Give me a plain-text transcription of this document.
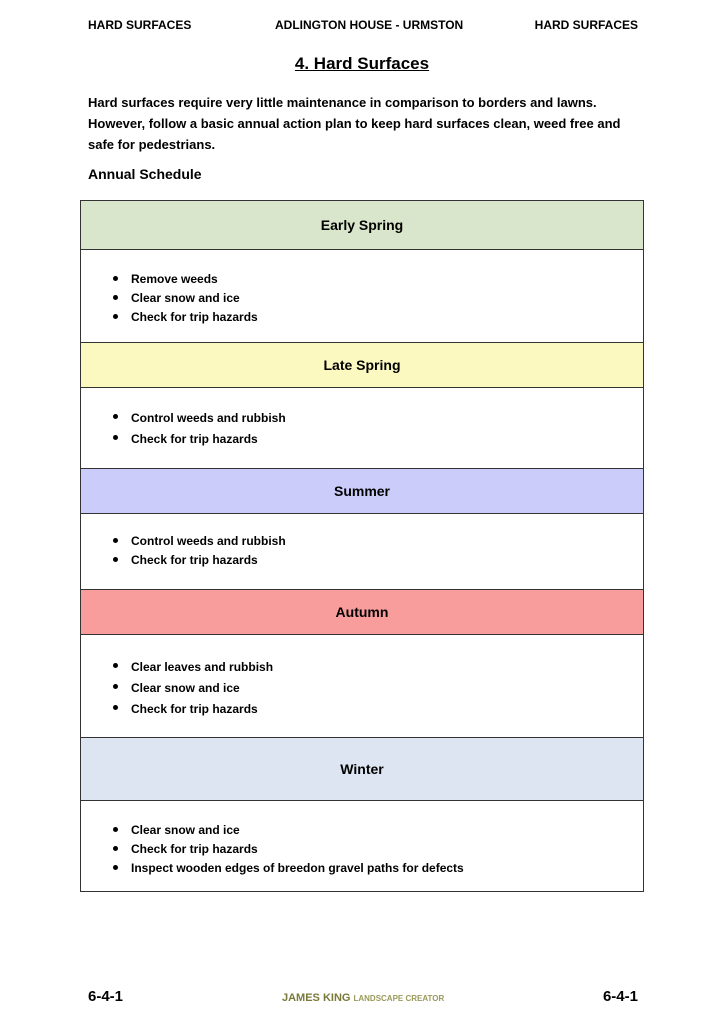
HARD SURFACES	ADLINGTON HOUSE - URMSTON	HARD SURFACES
4. Hard Surfaces
Hard surfaces require very little maintenance in comparison to borders and lawns. However, follow a basic annual action plan to keep hard surfaces clean, weed free and safe for pedestrians.
Annual Schedule
Early Spring
Remove weeds
Clear snow and ice
Check for trip hazards
Late Spring
Control weeds and rubbish
Check for trip hazards
Summer
Control weeds and rubbish
Check for trip hazards
Autumn
Clear leaves and rubbish
Clear snow and ice
Check for trip hazards
Winter
Clear snow and ice
Check for trip hazards
Inspect wooden edges of breedon gravel paths for defects
6-4-1	JAMES KING LANDSCAPE CREATOR	6-4-1
